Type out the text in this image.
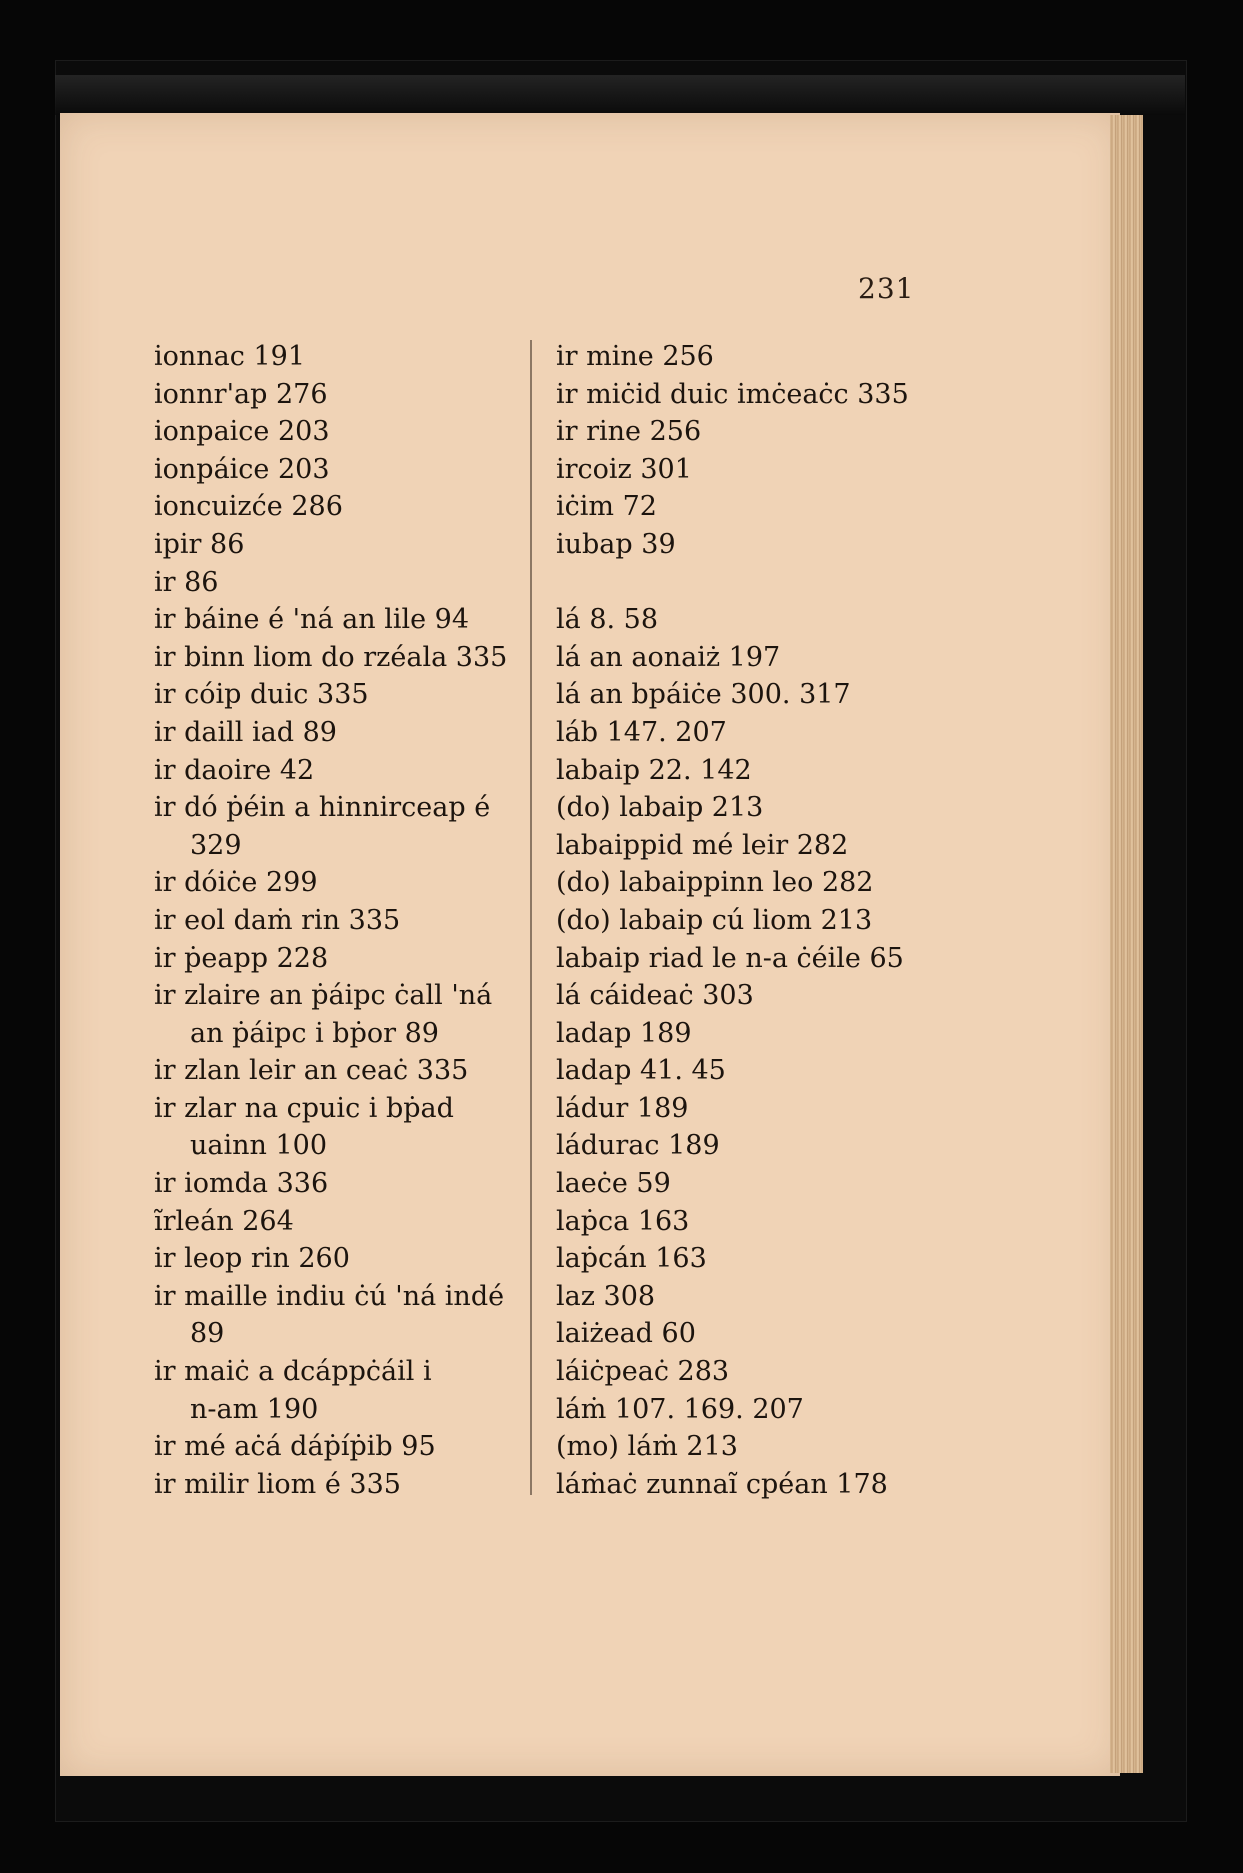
231
ionnac 191
ionnr'ap 276
ionpaice 203
ionpáice 203
ioncuizće 286
ipir 86
ir 86
ir báine é 'ná an lile 94
ir binn liom do rzéala 335
ir cóip duic 335
ir daill iad 89
ir daoire 42
ir dó ṗéin a hinnirceap é
329
ir dóiċe 299
ir eol daṁ rin 335
ir ṗeapp 228
ir zlaire an ṗáipc ċall 'ná
an ṗáipc i bṗor 89
ir zlan leir an ceaċ 335
ir zlar na cpuic i bṗad
uainn 100
ir iomda 336
ĩrleán 264
ir leop rin 260
ir maille indiu ċú 'ná indé
89
ir maiċ a dcáppċáil i
n-am 190
ir mé aċá dáṗíṗib 95
ir milir liom é 335
ir mine 256
ir miċid duic imċeaċc 335
ir rine 256
ircoiz 301
iċim 72
iubap 39
lá 8. 58
lá an aonaiż 197
lá an bpáiċe 300. 317
láb 147. 207
labaip 22. 142
(do) labaip 213
labaippid mé leir 282
(do) labaippinn leo 282
(do) labaip cú liom 213
labaip riad le n-a ċéile 65
lá cáideaċ 303
ladap 189
ladap 41. 45
ládur 189
ládurac 189
laeċe 59
laṗca 163
laṗcán 163
laz 308
laiżead 60
láiċpeaċ 283
láṁ 107. 169. 207
(mo) láṁ 213
láṁaċ zunnaĩ cpéan 178
